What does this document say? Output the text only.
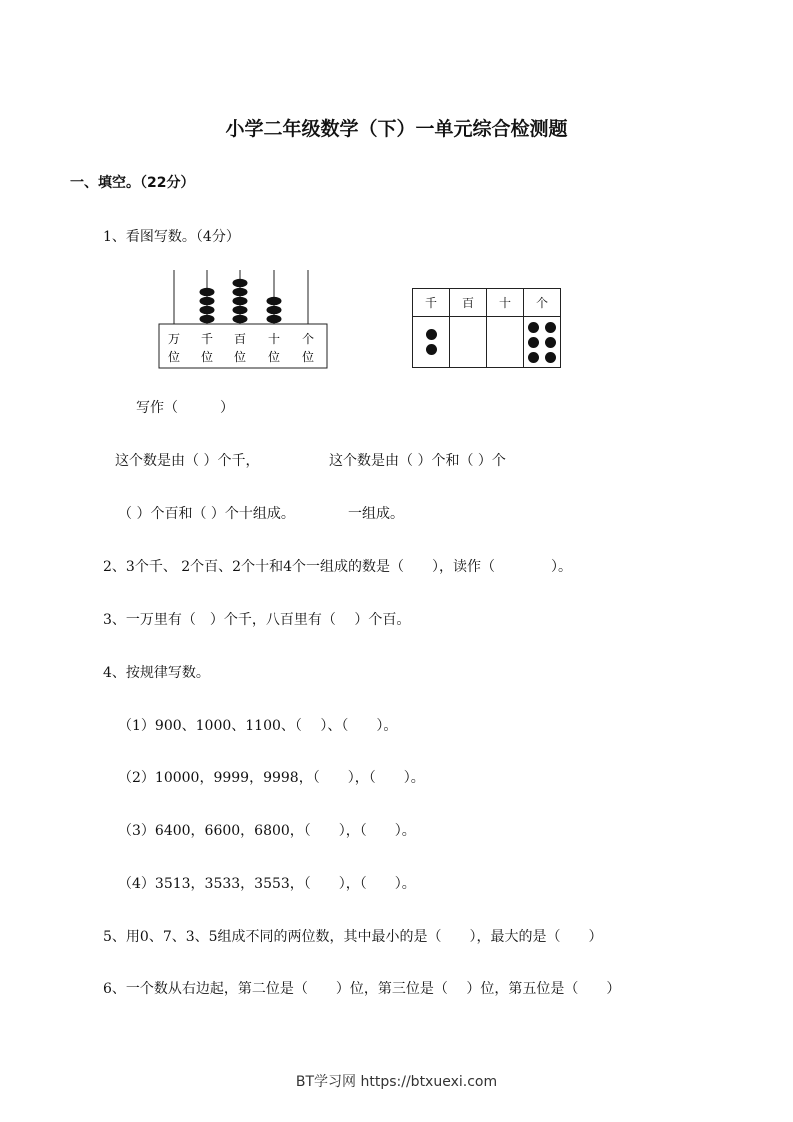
小学二年级数学（下）一单元综合检测题
一、填空。（22分）
1、看图写数。（4分）
万
位
千
位
百
位
十
位
个
位
千	百	十	个

写作（　　　）
这个数是由（ ）个千，	这个数是由（ ）个和（ ）个
（ ）个百和（ ）个十组成。	一组成。
2、3个千、 2个百、2个十和4个一组成的数是（　　），读作（　　　　）。
3、一万里有（　）个千，八百里有（　 ）个百。
4、按规律写数。
（1）900、1000、1100、（　 ）、（　　）。
（2）10000，9999，9998，（　　），（　　）。
（3）6400，6600，6800，（　　），（　　）。
（4）3513，3533，3553，（　　），（　　）。
5、用0、7、3、5组成不同的两位数，其中最小的是（　　），最大的是（　　）
6、一个数从右边起，第二位是（　　）位，第三位是（　 ）位，第五位是（　　）
BT学习网 https://btxuexi.com
